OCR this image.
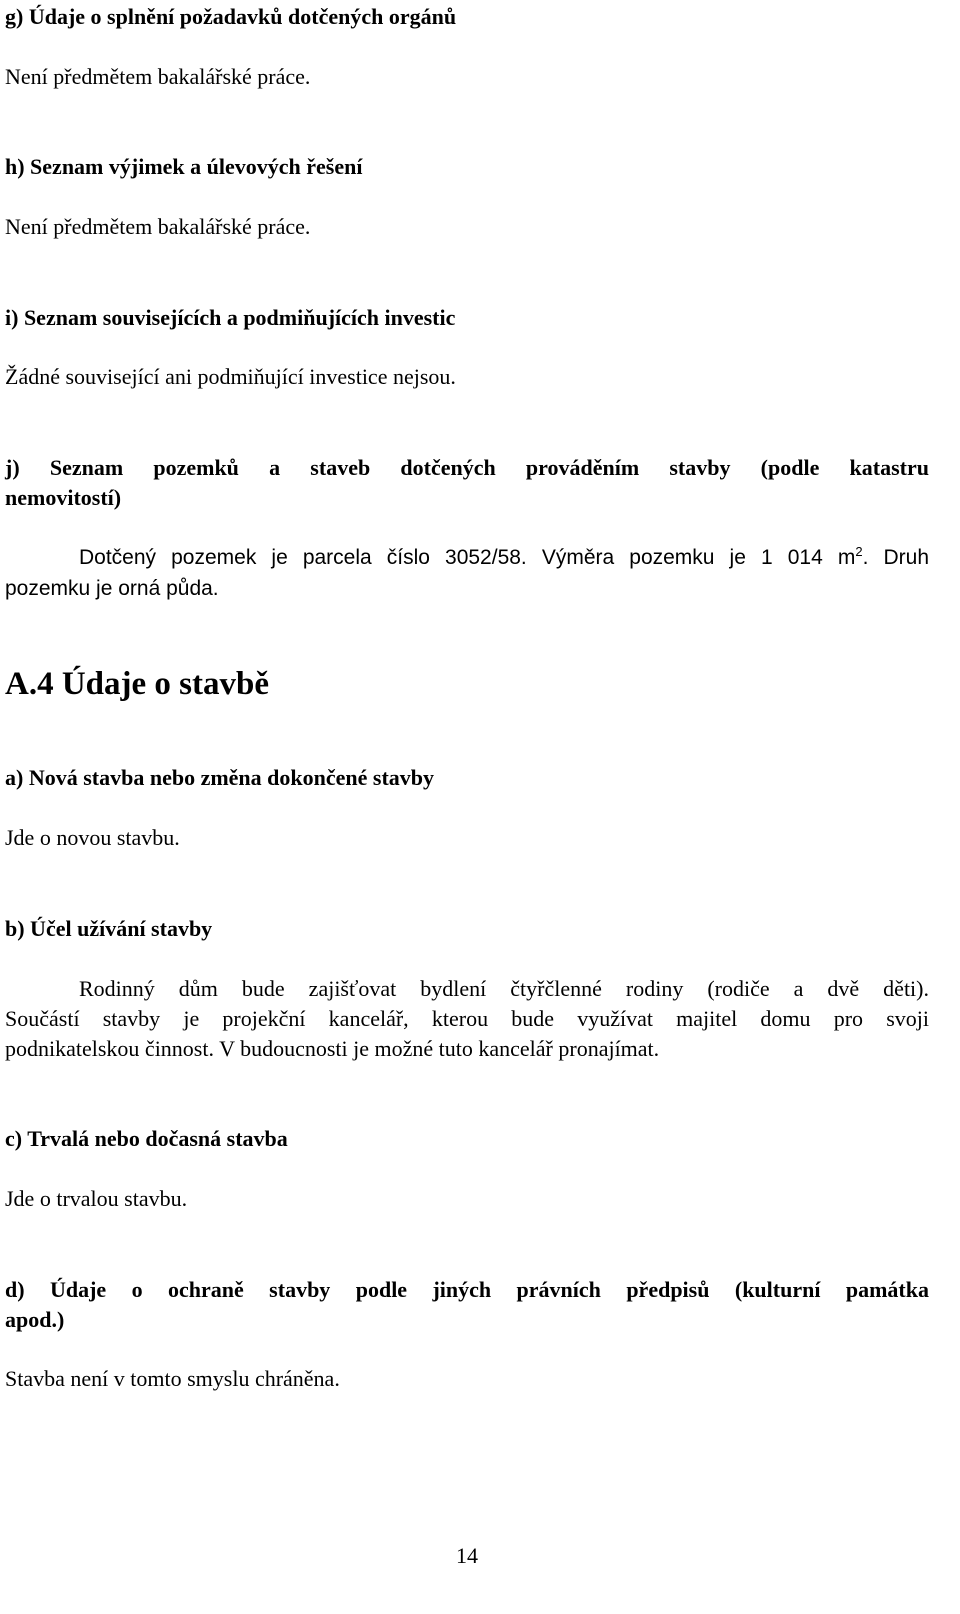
g) Údaje o splnění požadavků dotčených orgánů
Není předmětem bakalářské práce.
h) Seznam výjimek a úlevových řešení
Není předmětem bakalářské práce.
i) Seznam souvisejících a podmiňujících investic
Žádné související ani podmiňující investice nejsou.
j) Seznam pozemků a staveb dotčených prováděním stavby (podle katastru
nemovitostí)
Dotčený pozemek je parcela číslo 3052/58. Výměra pozemku je 1 014 $m^2$. Druh
pozemku je orná půda.
A.4 Údaje o stavbě
a) Nová stavba nebo změna dokončené stavby
Jde o novou stavbu.
b) Účel užívání stavby
Rodinný dům bude zajišťovat bydlení čtyřčlenné rodiny (rodiče a dvě děti).
Součástí stavby je projekční kancelář, kterou bude využívat majitel domu pro svoji
podnikatelskou činnost. V budoucnosti je možné tuto kancelář pronajímat.
c) Trvalá nebo dočasná stavba
Jde o trvalou stavbu.
d) Údaje o ochraně stavby podle jiných právních předpisů (kulturní památka
apod.)
Stavba není v tomto smyslu chráněna.
14
